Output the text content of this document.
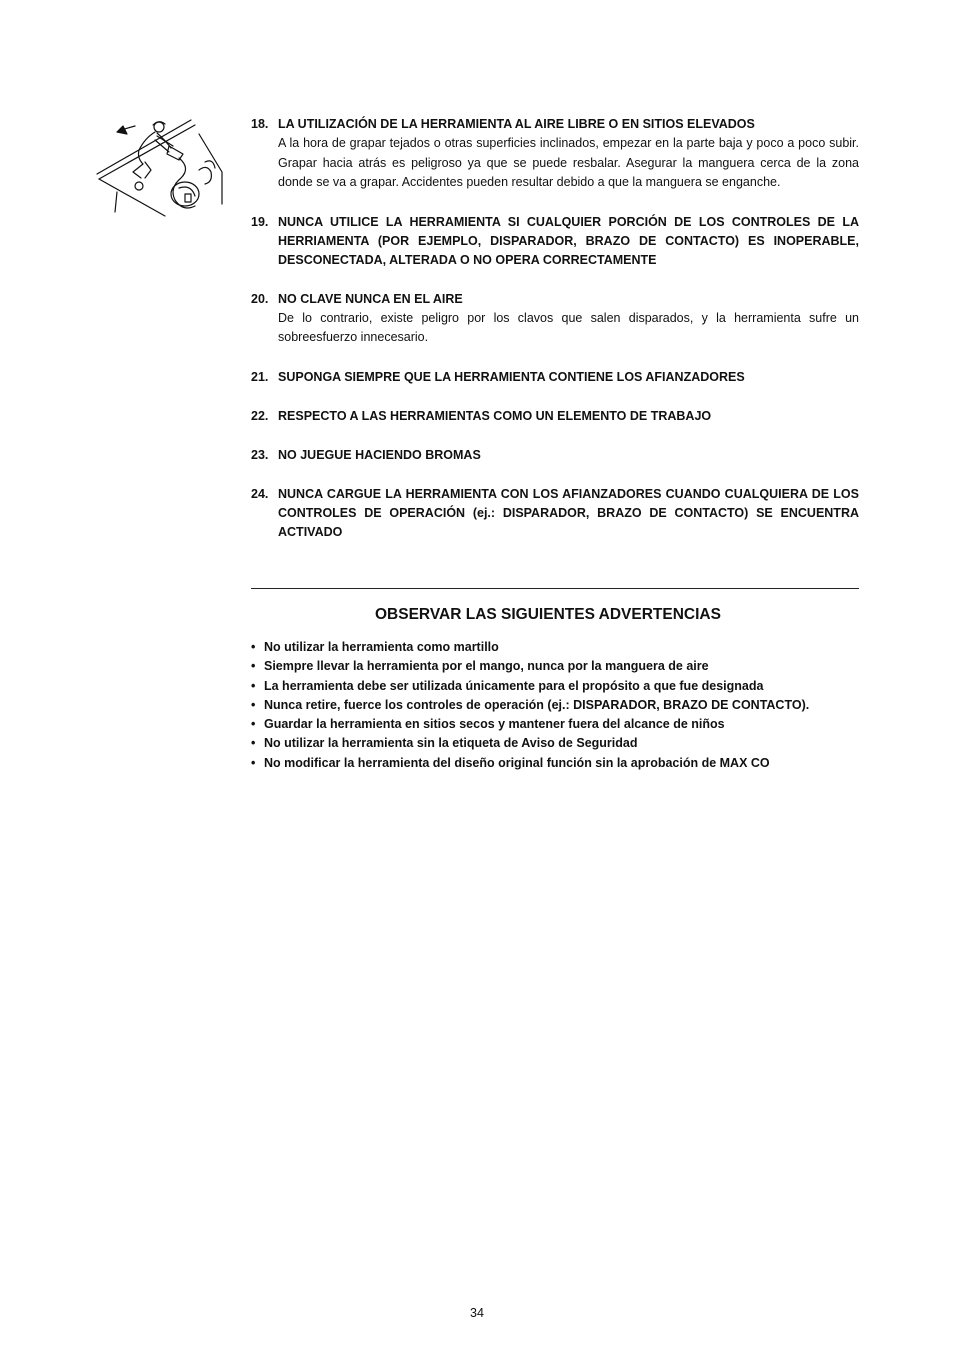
18. LA UTILIZACIÓN DE LA HERRAMIENTA AL AIRE LIBRE O EN SITIOS ELEVADOS
A la hora de grapar tejados o otras superficies inclinados, empezar en la parte baja y poco a poco subir. Grapar hacia atrás es peligroso ya que se puede resbalar. Asegurar la manguera cerca de la zona donde se va a grapar. Accidentes pueden resultar debido a que la manguera se enganche.
19. NUNCA UTILICE LA HERRAMIENTA SI CUALQUIER PORCIÓN DE LOS CONTROLES DE LA HERRIAMENTA (POR EJEMPLO, DISPARADOR, BRAZO DE CONTACTO) ES INOPERABLE, DESCONECTADA, ALTERADA O NO OPERA CORRECTAMENTE
20. NO CLAVE NUNCA EN EL AIRE
De lo contrario, existe peligro por los clavos que salen disparados, y la herramienta sufre un sobreesfuerzo innecesario.
21. SUPONGA SIEMPRE QUE LA HERRAMIENTA CONTIENE LOS AFIANZADORES
22. RESPECTO A LAS HERRAMIENTAS COMO UN ELEMENTO DE TRABAJO
23. NO JUEGUE HACIENDO BROMAS
24. NUNCA CARGUE LA HERRAMIENTA CON LOS AFIANZADORES CUANDO CUALQUIERA DE LOS CONTROLES DE OPERACIÓN (ej.: DISPARADOR, BRAZO DE CONTACTO) SE ENCUENTRA ACTIVADO
OBSERVAR LAS SIGUIENTES ADVERTENCIAS
• No utilizar la herramienta como martillo
• Siempre llevar la herramienta por el mango, nunca por la manguera de aire
• La herramienta debe ser utilizada únicamente para el propósito a que fue designada
• Nunca retire, fuerce los controles de operación (ej.: DISPARADOR, BRAZO DE CONTACTO).
• Guardar la herramienta en sitios secos y mantener fuera del alcance de niños
• No utilizar la herramienta sin la etiqueta de Aviso de Seguridad
• No modificar la herramienta del diseño original función sin la aprobación de MAX CO
34
